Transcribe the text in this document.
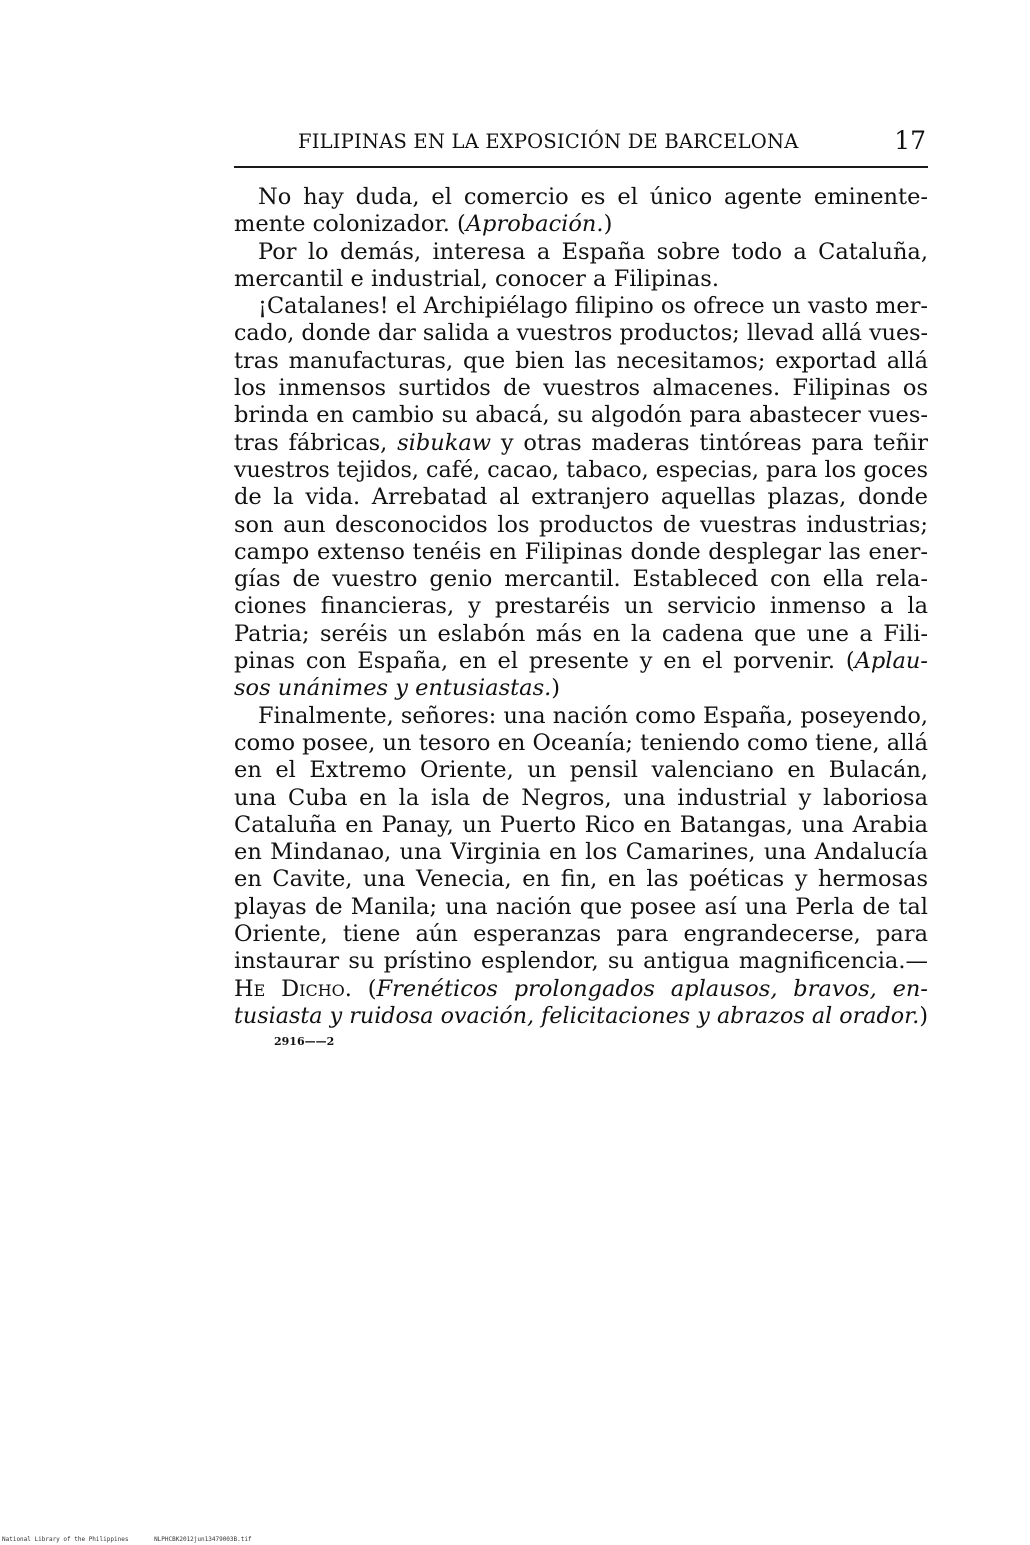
FILIPINAS EN LA EXPOSICIÓN DE BARCELONA	17
No hay duda, el comercio es el único agente eminente-
mente colonizador. (Aprobación.)
Por lo demás, interesa a España sobre todo a Cataluña,
mercantil e industrial, conocer a Filipinas.
¡Catalanes! el Archipiélago filipino os ofrece un vasto mer-
cado, donde dar salida a vuestros productos; llevad allá vues-
tras manufacturas, que bien las necesitamos; exportad allá
los inmensos surtidos de vuestros almacenes. Filipinas os
brinda en cambio su abacá, su algodón para abastecer vues-
tras fábricas, sibukaw y otras maderas tintóreas para teñir
vuestros tejidos, café, cacao, tabaco, especias, para los goces
de la vida. Arrebatad al extranjero aquellas plazas, donde
son aun desconocidos los productos de vuestras industrias;
campo extenso tenéis en Filipinas donde desplegar las ener-
gías de vuestro genio mercantil. Estableced con ella rela-
ciones financieras, y prestaréis un servicio inmenso a la
Patria; seréis un eslabón más en la cadena que une a Fili-
pinas con España, en el presente y en el porvenir. (Aplau-
sos unánimes y entusiastas.)
Finalmente, señores: una nación como España, poseyendo,
como posee, un tesoro en Oceanía; teniendo como tiene, allá
en el Extremo Oriente, un pensil valenciano en Bulacán,
una Cuba en la isla de Negros, una industrial y laboriosa
Cataluña en Panay, un Puerto Rico en Batangas, una Arabia
en Mindanao, una Virginia en los Camarines, una Andalucía
en Cavite, una Venecia, en fin, en las poéticas y hermosas
playas de Manila; una nación que posee así una Perla de tal
Oriente, tiene aún esperanzas para engrandecerse, para
instaurar su prístino esplendor, su antigua magnificencia.—
He Dicho. (Frenéticos prolongados aplausos, bravos, en-
tusiasta y ruidosa ovación, felicitaciones y abrazos al orador.)
2916——2
National Library of the Philippines	NLPHCBK2012jun13479003B.tif
